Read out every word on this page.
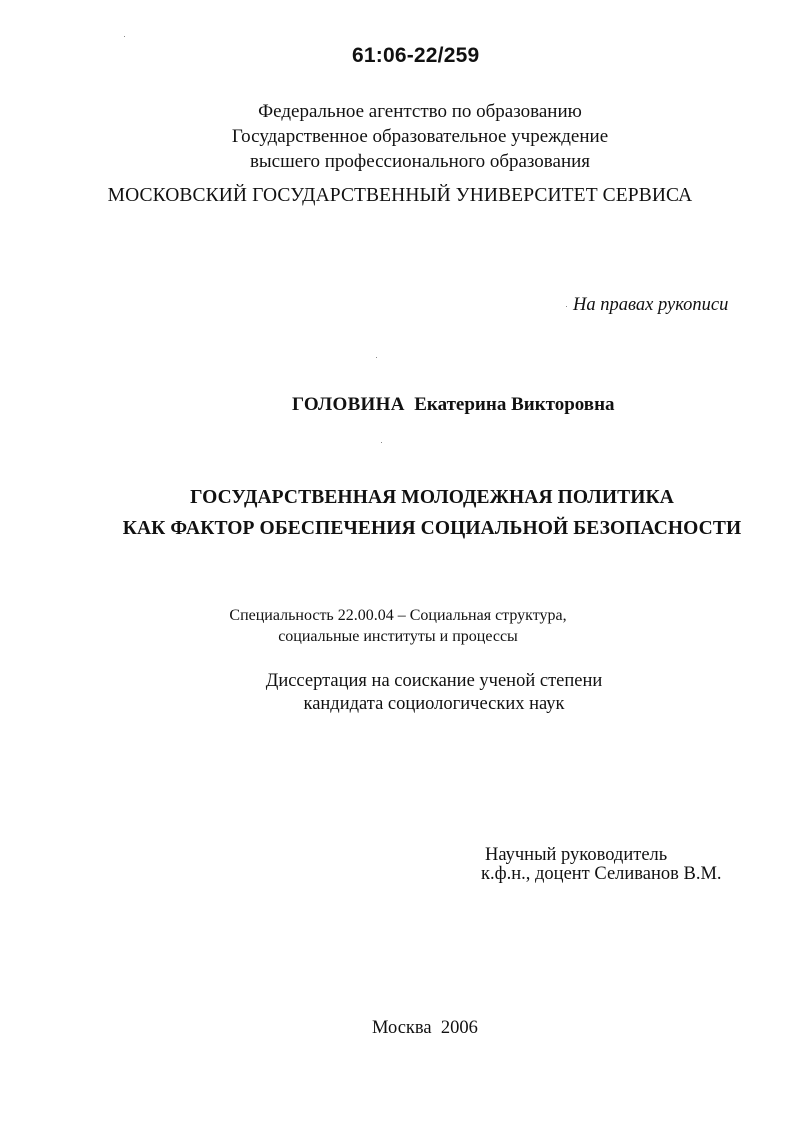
61:06-22/259
Федеральное агентство по образованию
Государственное образовательное учреждение
высшего профессионального образования
МОСКОВСКИЙ ГОСУДАРСТВЕННЫЙ УНИВЕРСИТЕТ СЕРВИСА
На правах рукописи
ГОЛОВИНА Екатерина Викторовна
ГОСУДАРСТВЕННАЯ МОЛОДЕЖНАЯ ПОЛИТИКА
КАК ФАКТОР ОБЕСПЕЧЕНИЯ СОЦИАЛЬНОЙ БЕЗОПАСНОСТИ
Специальность 22.00.04 – Социальная структура,
социальные институты и процессы
Диссертация на соискание ученой степени
кандидата социологических наук
Научный руководитель
к.ф.н., доцент Селиванов В.М.
Москва  2006
